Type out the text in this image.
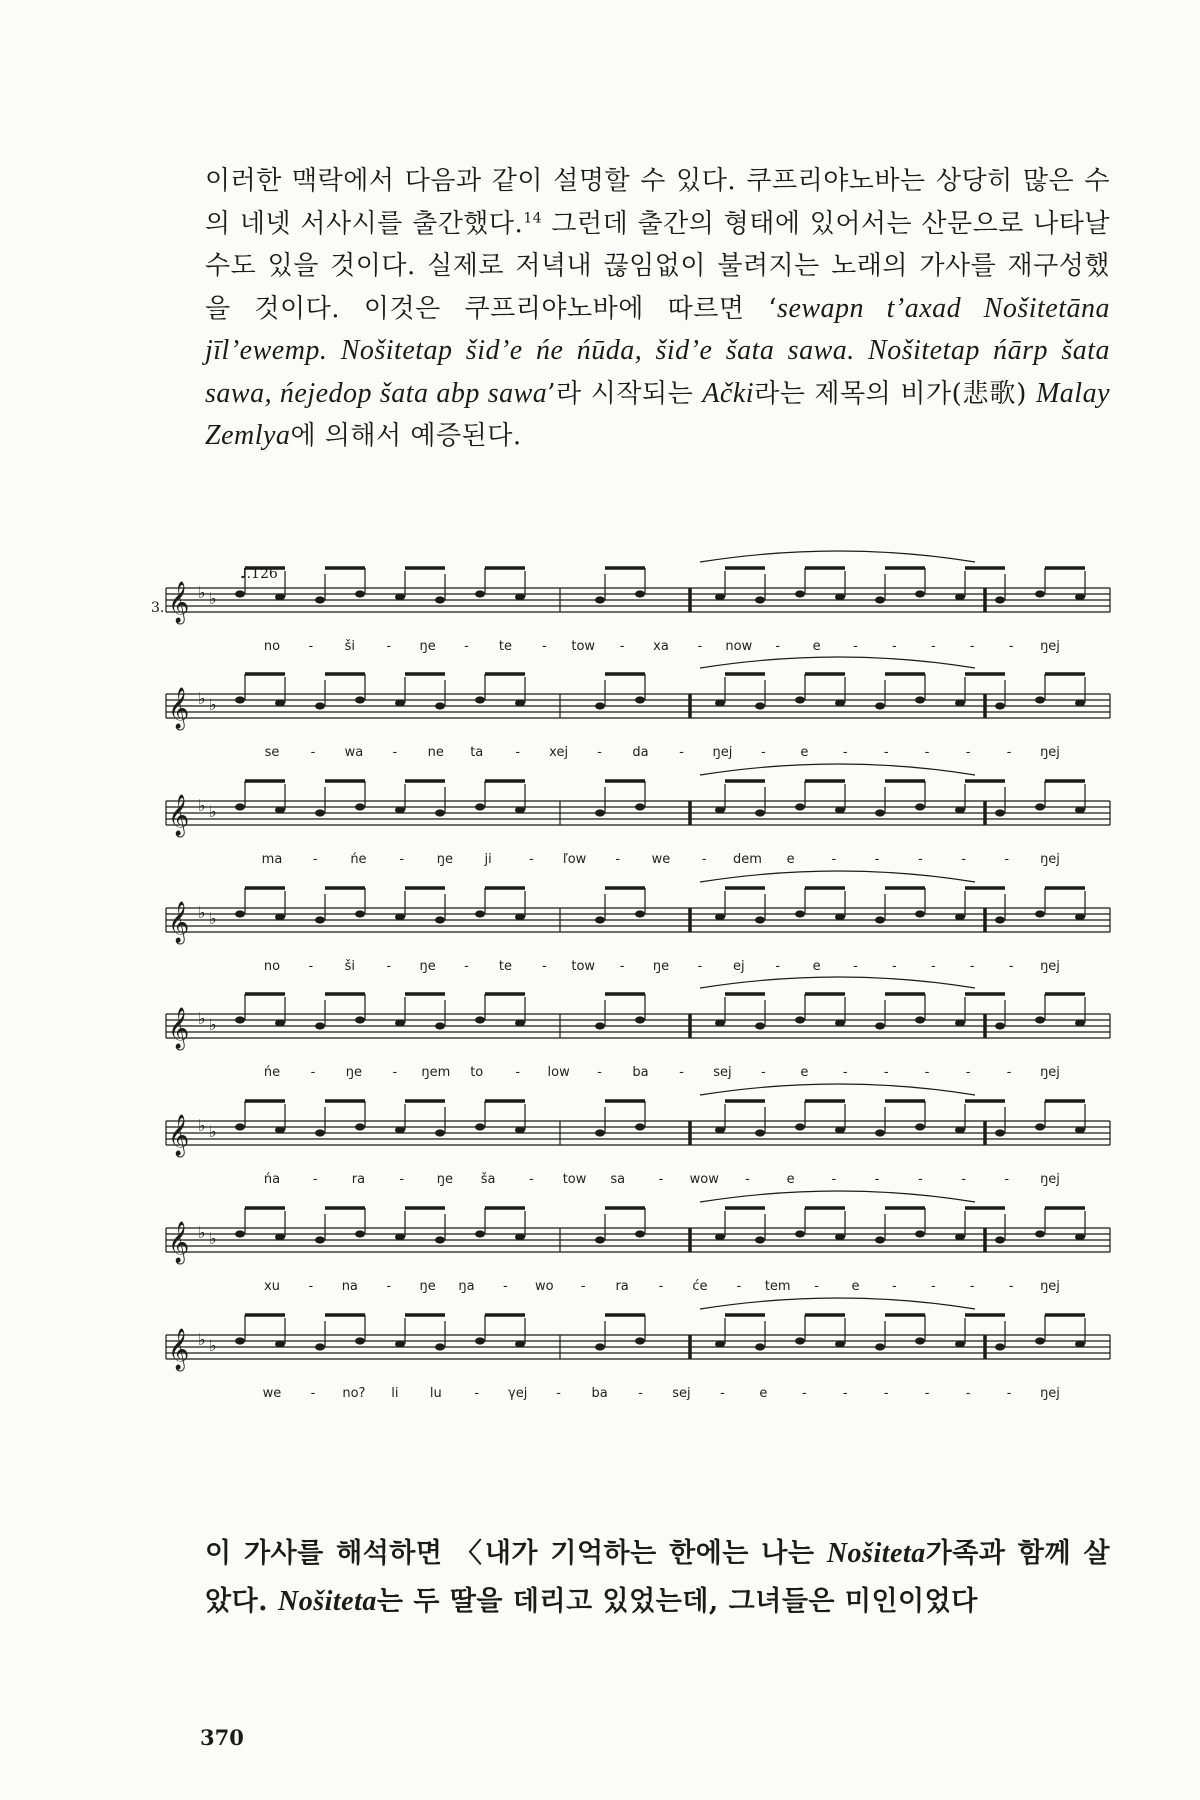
이러한 맥락에서 다음과 같이 설명할 수 있다. 쿠프리야노바는 상당히 많은 수의 네넷 서사시를 출간했다.$^{14}$ 그런데 출간의 형태에 있어서는 산문으로 나타날 수도 있을 것이다. 실제로 저녁내 끊임없이 불려지는 노래의 가사를 재구성했을 것이다. 이것은 쿠프리야노바에 따르면 ‘sewapn t’axad Nošitetāna jīl’ewemp. Nošitetap šid’e ńe ńūda, šid’e šata sawa. Nošitetap ńārp šata sawa, ńejedop šata abp sawa’라 시작되는 Ački라는 제목의 비가(悲歌) Malay Zemlya에 의해서 예증된다.
3.
♩.126
𝄞 ♭ ♭
no - ši - ŋe - te - tow - xa - now -	e	-	-	-	-	- ŋej
𝄞 ♭ ♭
se - wa - ne ta - xej - da - ŋej -	e	-	-	-	-	- ŋej
𝄞 ♭ ♭
ma -	ńe	-	ŋe ji	- ľow - we - dem e	-	-	-	-	- ŋej
𝄞 ♭ ♭
no - ši - ŋe - te - tow - ŋe - ej -	e	-	-	-	-	- ŋej
𝄞 ♭ ♭
ńe - ŋe - ŋem to - low - ba - sej -	e	-	-	-	-	- ŋej
𝄞 ♭ ♭
ńa	-	ra	-	ŋe ša	- tow sa	- wow -	e	-	-	-	-	- ŋej
𝄞 ♭ ♭
xu - na - ŋe ŋa - wo - ra - će - tem -	e	-	-	-	- ŋej
𝄞 ♭ ♭
we - no? li lu	- γej - ba - sej -	e	-	-	-	-	-	- ŋej
이 가사를 해석하면 〈내가 기억하는 한에는 나는 Nošiteta가족과 함께 살았다. Nošiteta는 두 딸을 데리고 있었는데, 그녀들은 미인이었다
370
